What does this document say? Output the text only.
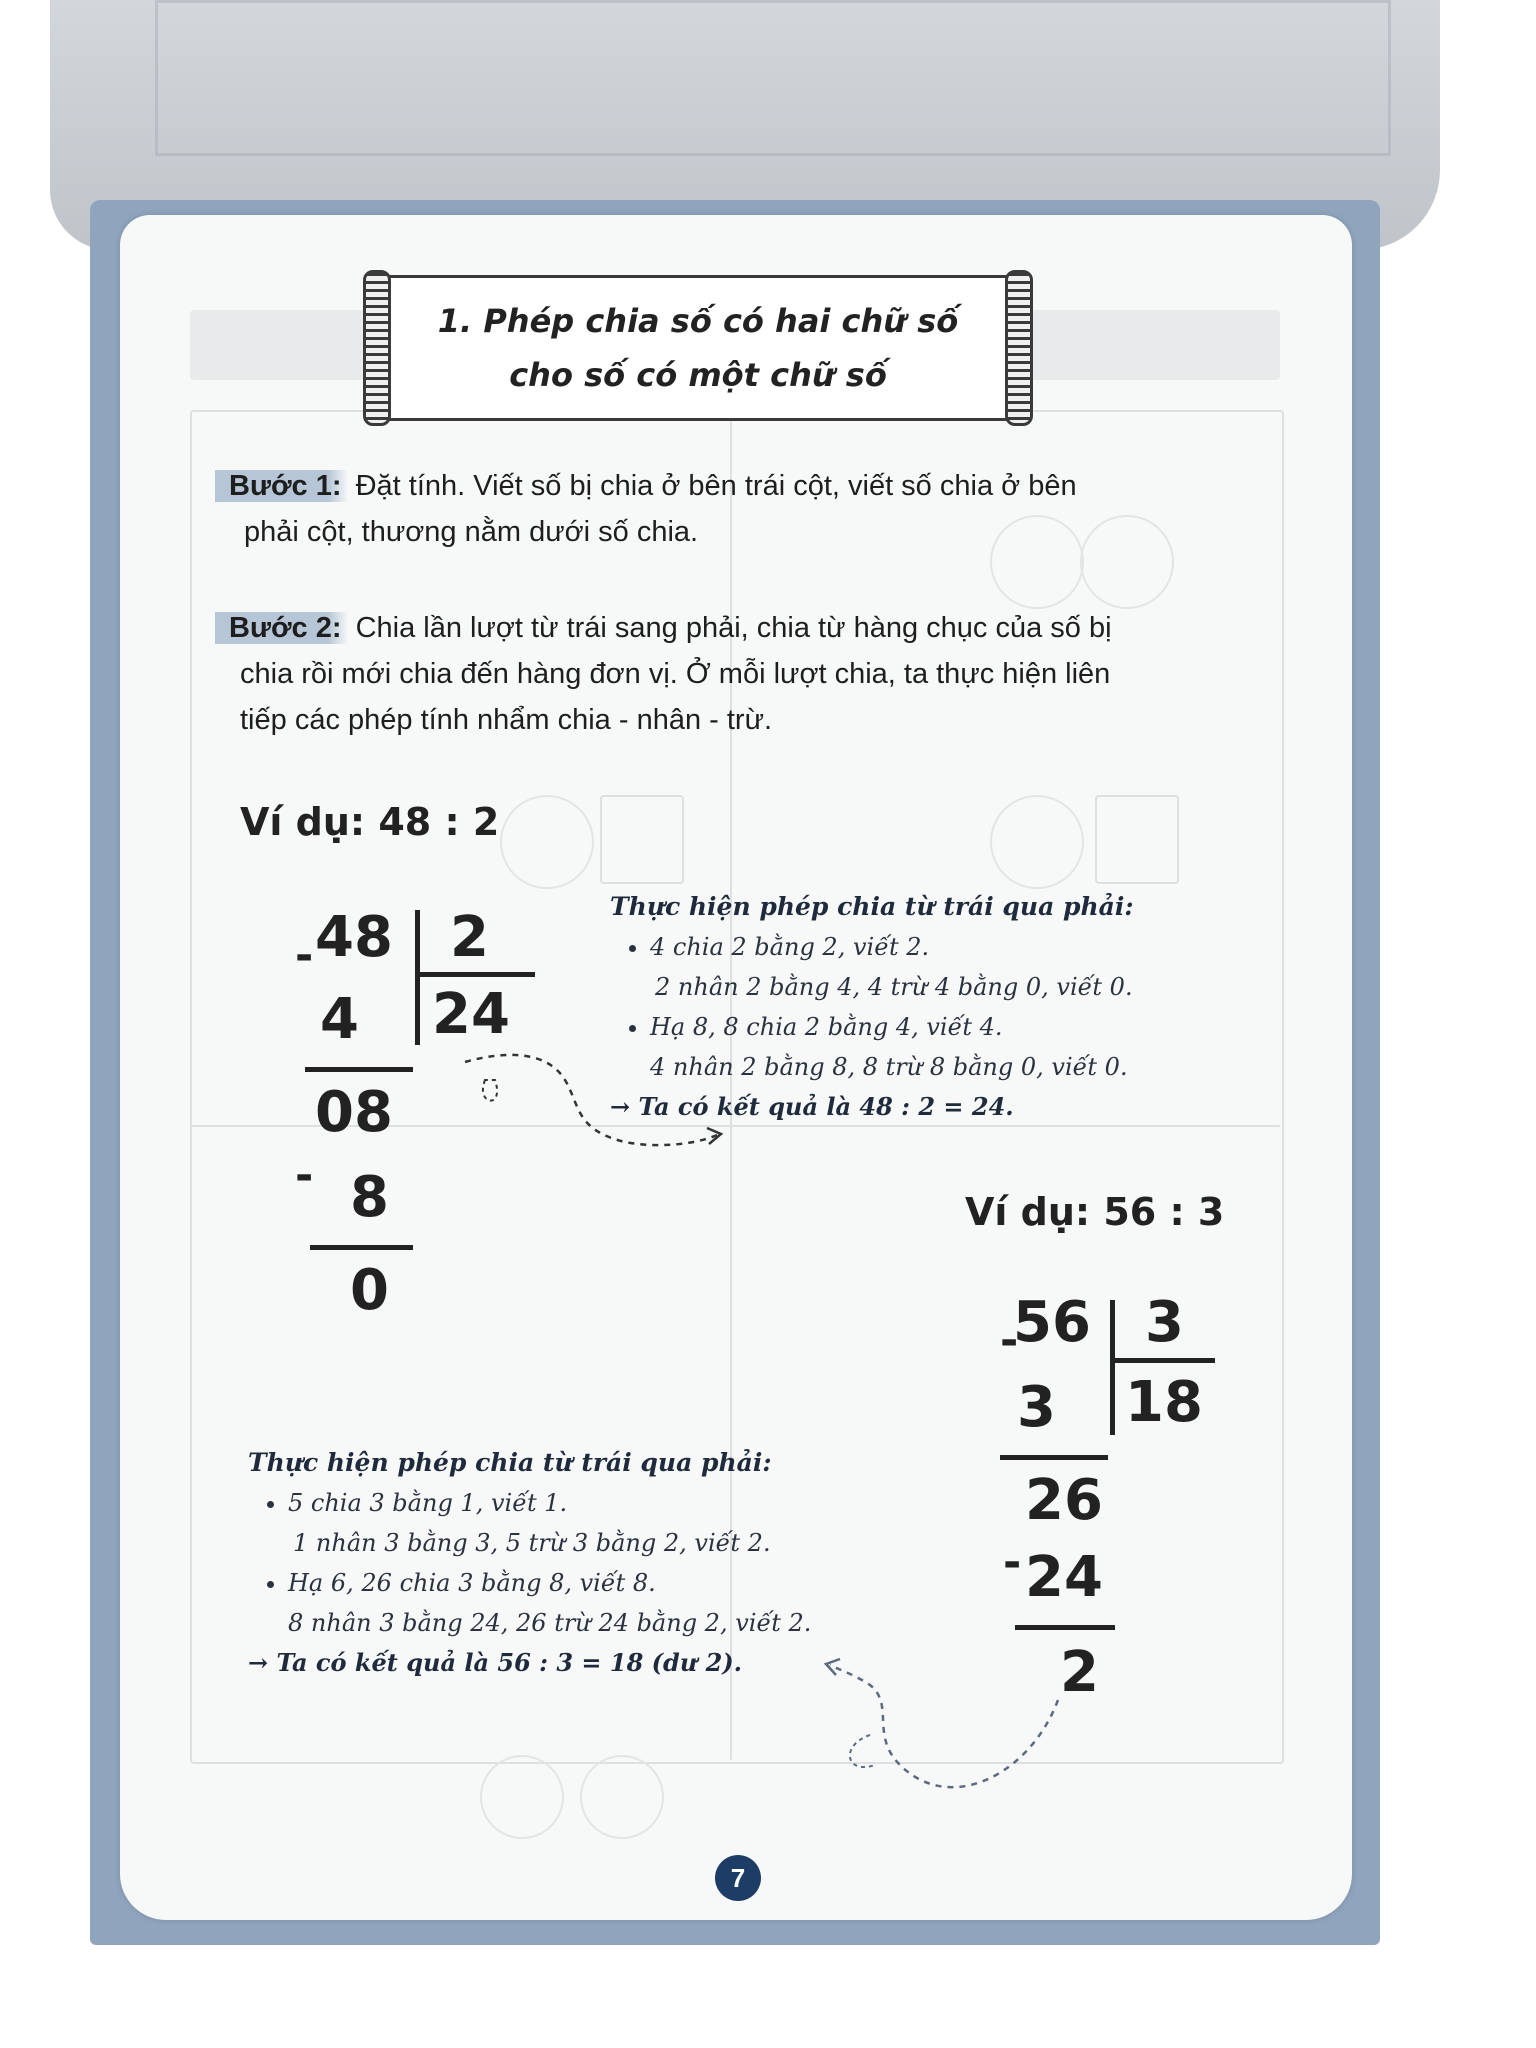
1. Phép chia số có hai chữ số
cho số có một chữ số
Bước 1: Đặt tính. Viết số bị chia ở bên trái cột, viết số chia ở bên
phải cột, thương nằm dưới số chia.
Bước 2: Chia lần lượt từ trái sang phải, chia từ hàng chục của số bị
chia rồi mới chia đến hàng đơn vị. Ở mỗi lượt chia, ta thực hiện liên
tiếp các phép tính nhẩm chia - nhân - trừ.
Ví dụ: 48 : 2
48 2
24
-
4
08
- 8
0
Thực hiện phép chia từ trái qua phải:
• 4 chia 2 bằng 2, viết 2.
2 nhân 2 bằng 4, 4 trừ 4 bằng 0, viết 0.
• Hạ 8, 8 chia 2 bằng 4, viết 4.
4 nhân 2 bằng 8, 8 trừ 8 bằng 0, viết 0.
→ Ta có kết quả là 48 : 2 = 24.
Ví dụ: 56 : 3
56 3
18
-
3
26
- 24
2
Thực hiện phép chia từ trái qua phải:
• 5 chia 3 bằng 1, viết 1.
1 nhân 3 bằng 3, 5 trừ 3 bằng 2, viết 2.
• Hạ 6, 26 chia 3 bằng 8, viết 8.
8 nhân 3 bằng 24, 26 trừ 24 bằng 2, viết 2.
→ Ta có kết quả là 56 : 3 = 18 (dư 2).
7
